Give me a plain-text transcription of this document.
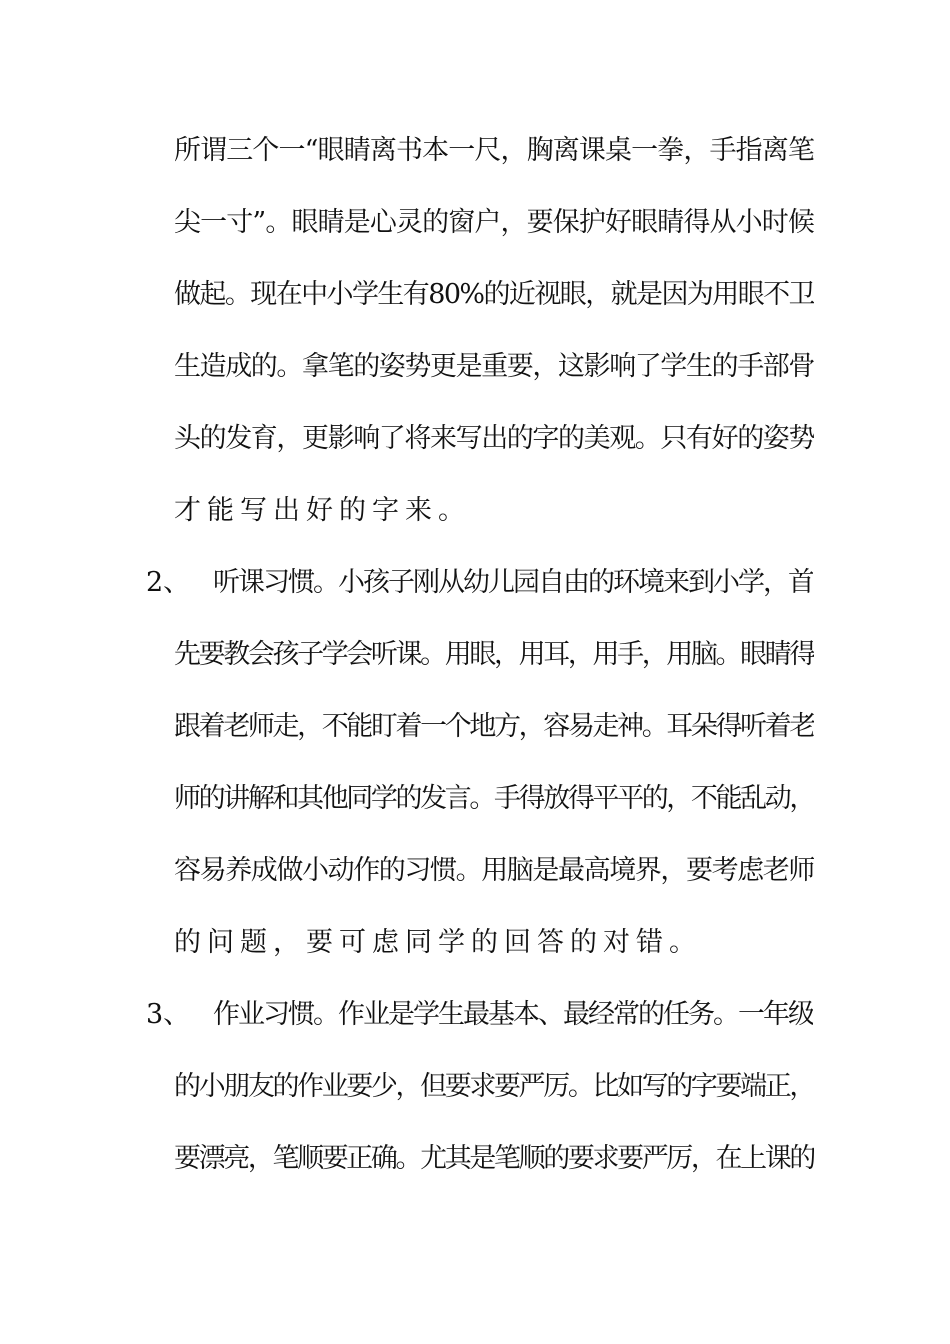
所谓三个一“眼睛离书本一尺，胸离课桌一拳，手指离笔
尖一寸”。眼睛是心灵的窗户，要保护好眼睛得从小时候
做起。现在中小学生有80%的近视眼，就是因为用眼不卫
生造成的。拿笔的姿势更是重要，这影响了学生的手部骨
头的发育，更影响了将来写出的字的美观。只有好的姿势
才能写出好的字来。
2、 听课习惯。小孩子刚从幼儿园自由的环境来到小学，首
先要教会孩子学会听课。用眼，用耳，用手，用脑。眼睛得
跟着老师走，不能盯着一个地方，容易走神。耳朵得听着老
师的讲解和其他同学的发言。手得放得平平的，不能乱动，
容易养成做小动作的习惯。用脑是最高境界，要考虑老师
的问题，要可虑同学的回答的对错。
3、 作业习惯。作业是学生最基本、最经常的任务。一年级
的小朋友的作业要少，但要求要严厉。比如写的字要端正，
要漂亮，笔顺要正确。尤其是笔顺的要求要严厉，在上课的
